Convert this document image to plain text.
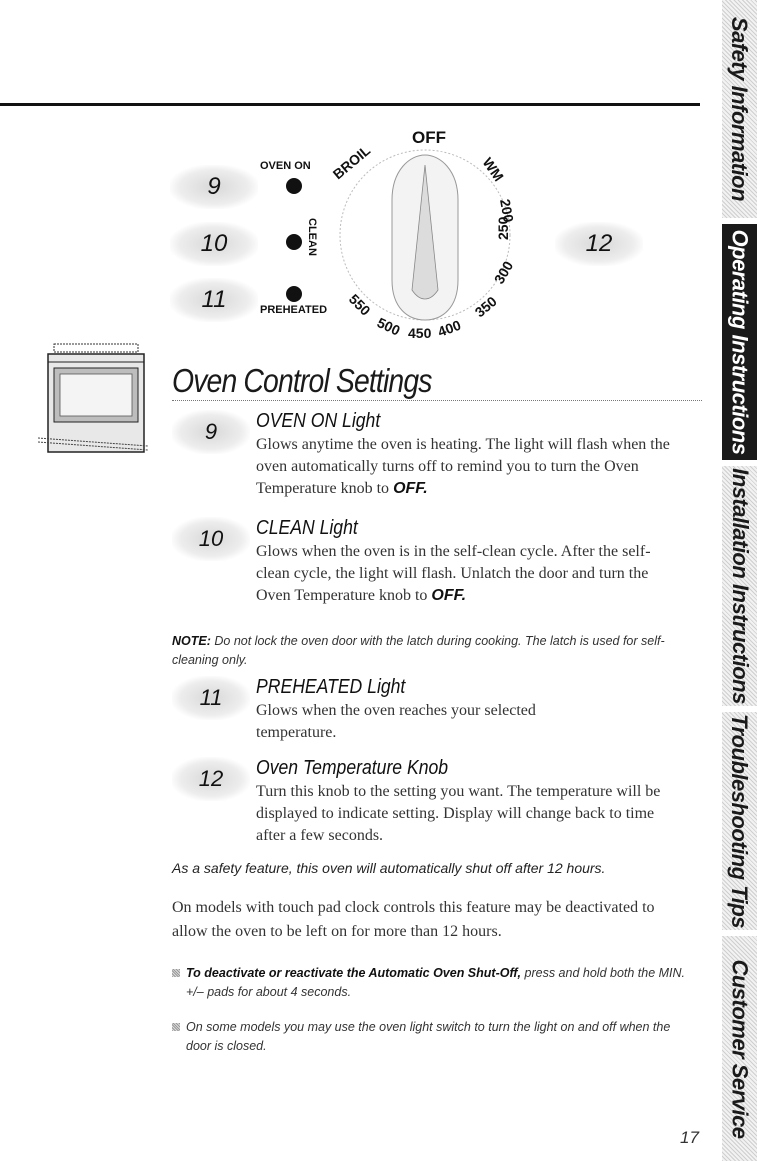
Safety Information
Operating Instructions
Installation Instructions
Troubleshooting Tips
Customer Service
9
10
11
12
OVEN ON
CLEAN
PREHEATED
OFF
BROIL	WM
200
250
300
350
400
450
500
550
Oven Control Settings
9 OVEN ON Light

Glows anytime the oven is heating. The light will flash when the oven automatically turns off to remind you to turn the Oven Temperature knob to OFF.

10 CLEAN Light

Glows when the oven is in the self-clean cycle. After the self-clean cycle, the light will flash. Unlatch the door and turn the Oven Temperature knob to OFF.

NOTE: Do not lock the oven door with the latch during cooking. The latch is used for self-cleaning only.
11 PREHEATED Light

Glows when the oven reaches your selected temperature.

12 Oven Temperature Knob

Turn this knob to the setting you want. The temperature will be displayed to indicate setting. Display will change back to time after a few seconds.

As a safety feature, this oven will automatically shut off after 12 hours.
On models with touch pad clock controls this feature may be deactivated to allow the oven to be left on for more than 12 hours.
To deactivate or reactivate the Automatic Oven Shut-Off, press and hold both the MIN. +/– pads for about 4 seconds.
On some models you may use the oven light switch to turn the light on and off when the door is closed.
17
